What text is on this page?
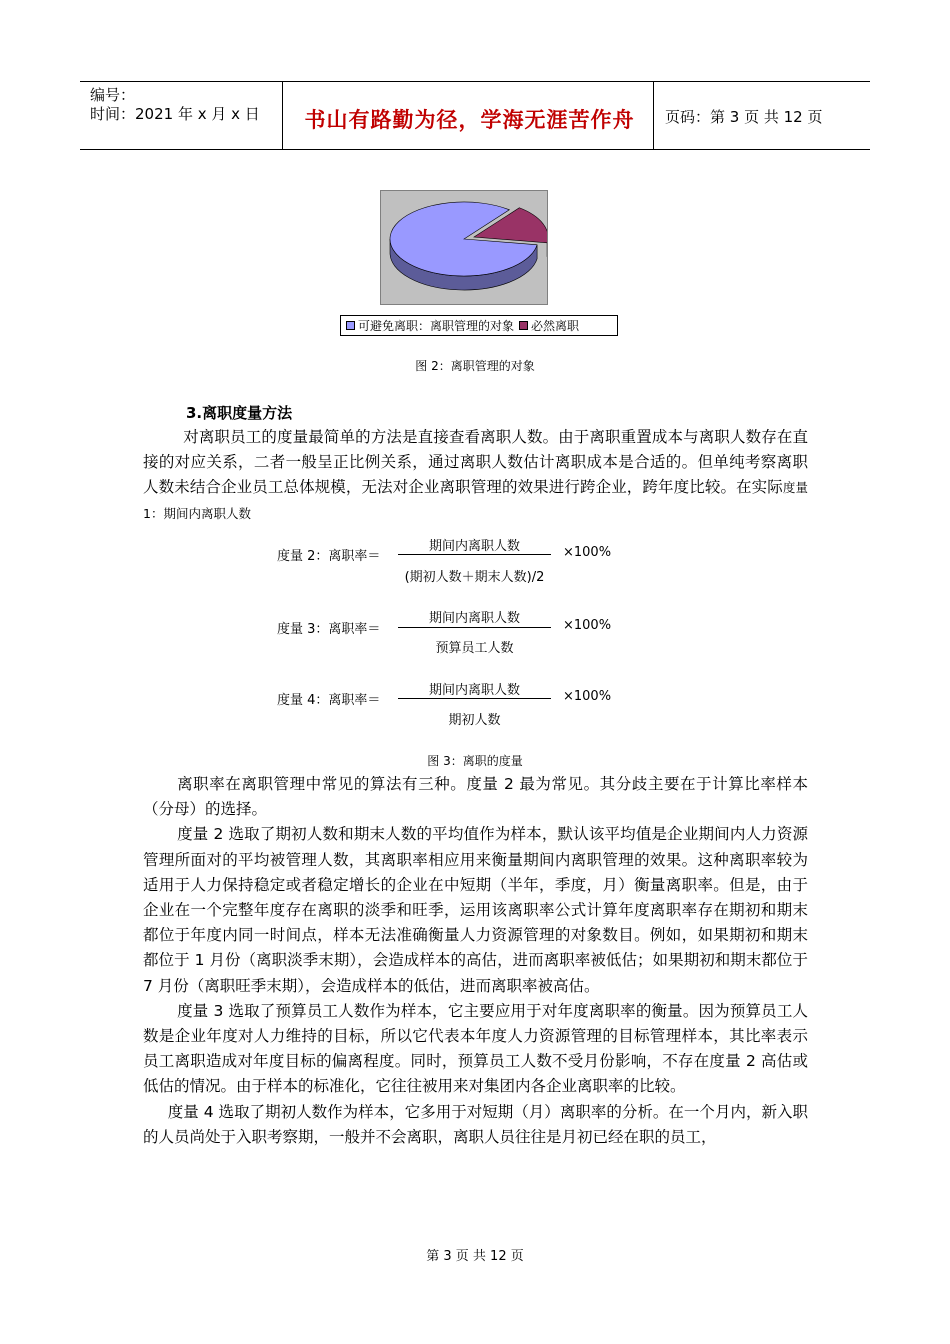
编号：
时间：2021 年 x 月 x 日	书山有路勤为径，学海无涯苦作舟	页码：第 3 页 共 12 页
可避免离职：离职管理的对象 必然离职
图 2：离职管理的对象
3.离职度量方法

对离职员工的度量最简单的方法是直接查看离职人数。由于离职重置成本与离职人数存在直接的对应关系，二者一般呈正比例关系，通过离职人数估计离职成本是合适的。但单纯考察离职人数未结合企业员工总体规模，无法对企业离职管理的效果进行跨企业，跨年度比较。在实际度量 1：期间内离职人数

度量 2：离职率＝
期间内离职人数
(期初人数＋期末人数)/2
×100%
度量 3：离职率＝
期间内离职人数
预算员工人数
×100%
度量 4：离职率＝
期间内离职人数
期初人数
×100%
图 3：离职的度量

离职率在离职管理中常见的算法有三种。度量 2 最为常见。其分歧主要在于计算比率样本（分母）的选择。

度量 2 选取了期初人数和期末人数的平均值作为样本，默认该平均值是企业期间内人力资源管理所面对的平均被管理人数，其离职率相应用来衡量期间内离职管理的效果。这种离职率较为适用于人力保持稳定或者稳定增长的企业在中短期（半年，季度，月）衡量离职率。但是，由于企业在一个完整年度存在离职的淡季和旺季，运用该离职率公式计算年度离职率存在期初和期末都位于年度内同一时间点，样本无法准确衡量人力资源管理的对象数目。例如，如果期初和期末都位于 1 月份（离职淡季末期），会造成样本的高估，进而离职率被低估；如果期初和期末都位于 7 月份（离职旺季末期），会造成样本的低估，进而离职率被高估。

度量 3 选取了预算员工人数作为样本，它主要应用于对年度离职率的衡量。因为预算员工人数是企业年度对人力维持的目标，所以它代表本年度人力资源管理的目标管理样本，其比率表示员工离职造成对年度目标的偏离程度。同时，预算员工人数不受月份影响，不存在度量 2 高估或低估的情况。由于样本的标准化，它往往被用来对集团内各企业离职率的比较。

度量 4 选取了期初人数作为样本，它多用于对短期（月）离职率的分析。在一个月内，新入职的人员尚处于入职考察期，一般并不会离职，离职人员往往是月初已经在职的员工，

第 3 页 共 12 页
